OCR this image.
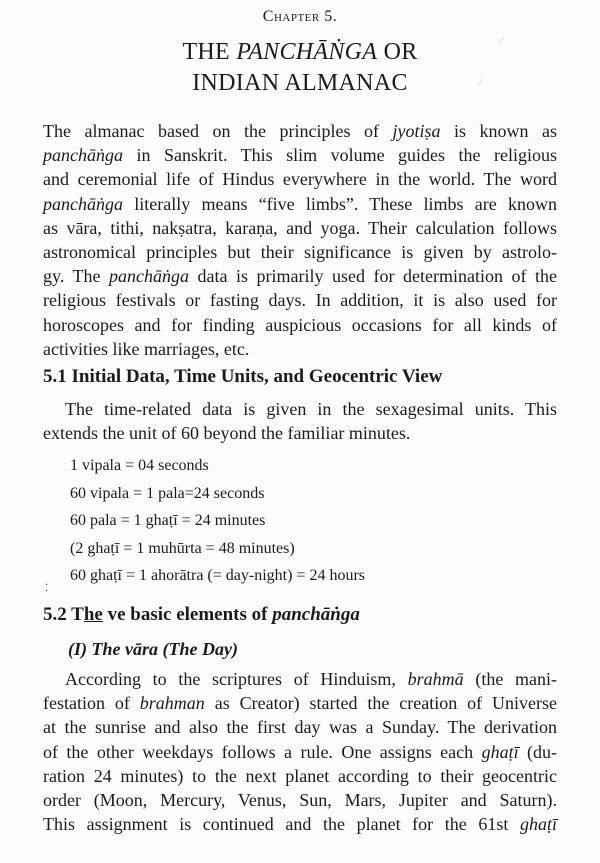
Chapter 5.
THE PANCHĀṄGA OR
INDIAN ALMANAC
⁄
⁄
The almanac based on the principles of jyotiṣa is known as
panchāṅga in Sanskrit. This slim volume guides the religious
and ceremonial life of Hindus everywhere in the world. The word
panchāṅga literally means “five limbs”. These limbs are known
as vāra, tithi, nakṣatra, karaṇa, and yoga. Their calculation follows
astronomical principles but their significance is given by astrolo-
gy. The panchāṅga data is primarily used for determination of the
religious festivals or fasting days. In addition, it is also used for
horoscopes and for finding auspicious occasions for all kinds of
activities like marriages, etc.
5.1 Initial Data, Time Units, and Geocentric View
The time-related data is given in the sexagesimal units. This
extends the unit of 60 beyond the familiar minutes.
1 vipala = 04 seconds
60 vipala = 1 pala=24 seconds
60 pala = 1 ghaṭī = 24 minutes
(2 ghaṭī = 1 muhūrta = 48 minutes)
60 ghaṭī = 1 ahorātra (= day-night) = 24 hours
⁚
5.2 The ve basic elements of panchāṅga
(I) The vāra (The Day)
According to the scriptures of Hinduism, brahmā (the mani-
festation of brahman as Creator) started the creation of Universe
at the sunrise and also the first day was a Sunday. The derivation
of the other weekdays follows a rule. One assigns each ghaṭī (du-
ration 24 minutes) to the next planet according to their geocentric
order (Moon, Mercury, Venus, Sun, Mars, Jupiter and Saturn).
This assignment is continued and the planet for the 61st ghaṭī
